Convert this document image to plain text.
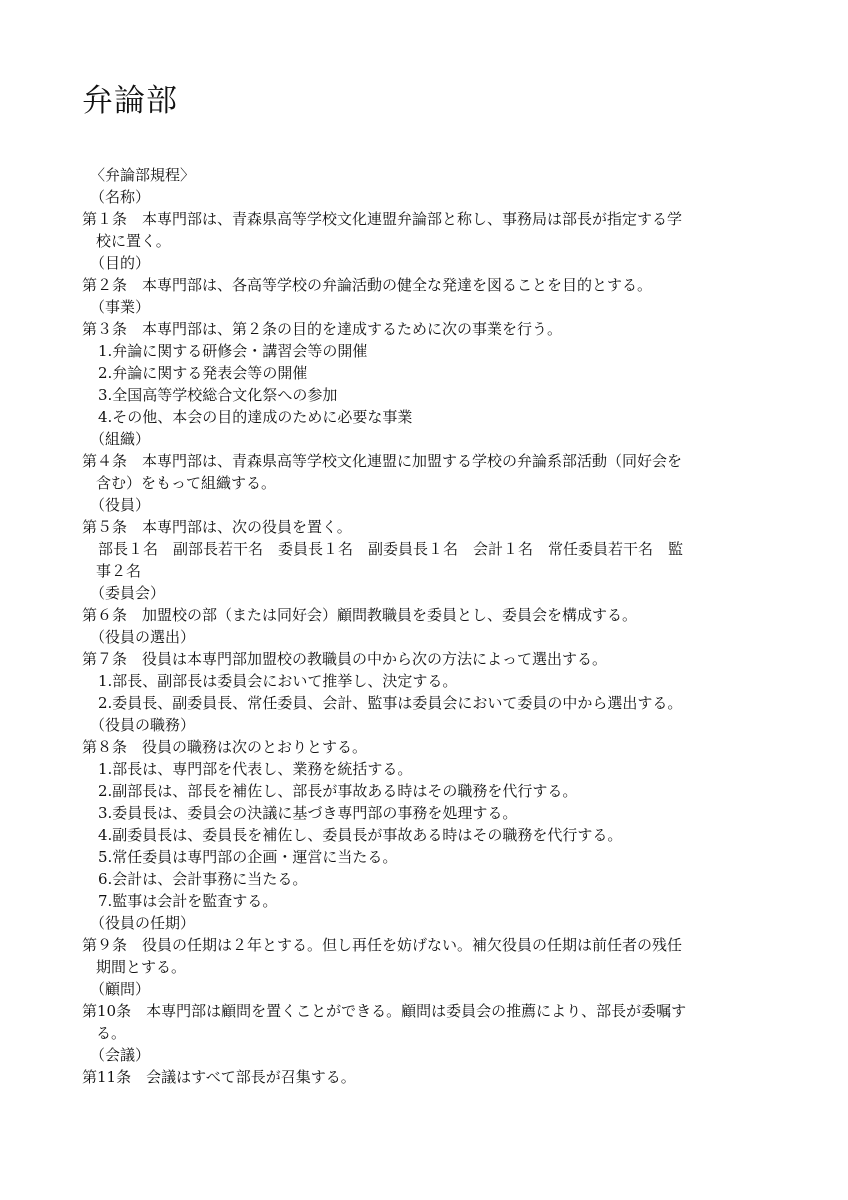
弁論部
〈弁論部規程〉
（名称）
第１条　本専門部は、青森県高等学校文化連盟弁論部と称し、事務局は部長が指定する学
校に置く。
（目的）
第２条　本専門部は、各高等学校の弁論活動の健全な発達を図ることを目的とする。
（事業）
第３条　本専門部は、第２条の目的を達成するために次の事業を行う。
1.弁論に関する研修会・講習会等の開催
2.弁論に関する発表会等の開催
3.全国高等学校総合文化祭への参加
4.その他、本会の目的達成のために必要な事業
（組織）
第４条　本専門部は、青森県高等学校文化連盟に加盟する学校の弁論系部活動（同好会を
含む）をもって組織する。
（役員）
第５条　本専門部は、次の役員を置く。
部長１名　副部長若干名　委員長１名　副委員長１名　会計１名　常任委員若干名　監
事２名
（委員会）
第６条　加盟校の部（または同好会）顧問教職員を委員とし、委員会を構成する。
（役員の選出）
第７条　役員は本専門部加盟校の教職員の中から次の方法によって選出する。
1.部長、副部長は委員会において推挙し、決定する。
2.委員長、副委員長、常任委員、会計、監事は委員会において委員の中から選出する。
（役員の職務）
第８条　役員の職務は次のとおりとする。
1.部長は、専門部を代表し、業務を統括する。
2.副部長は、部長を補佐し、部長が事故ある時はその職務を代行する。
3.委員長は、委員会の決議に基づき専門部の事務を処理する。
4.副委員長は、委員長を補佐し、委員長が事故ある時はその職務を代行する。
5.常任委員は専門部の企画・運営に当たる。
6.会計は、会計事務に当たる。
7.監事は会計を監査する。
（役員の任期）
第９条　役員の任期は２年とする。但し再任を妨げない。補欠役員の任期は前任者の残任
期間とする。
（顧問）
第10条　本専門部は顧問を置くことができる。顧問は委員会の推薦により、部長が委嘱す
る。
（会議）
第11条　会議はすべて部長が召集する。
